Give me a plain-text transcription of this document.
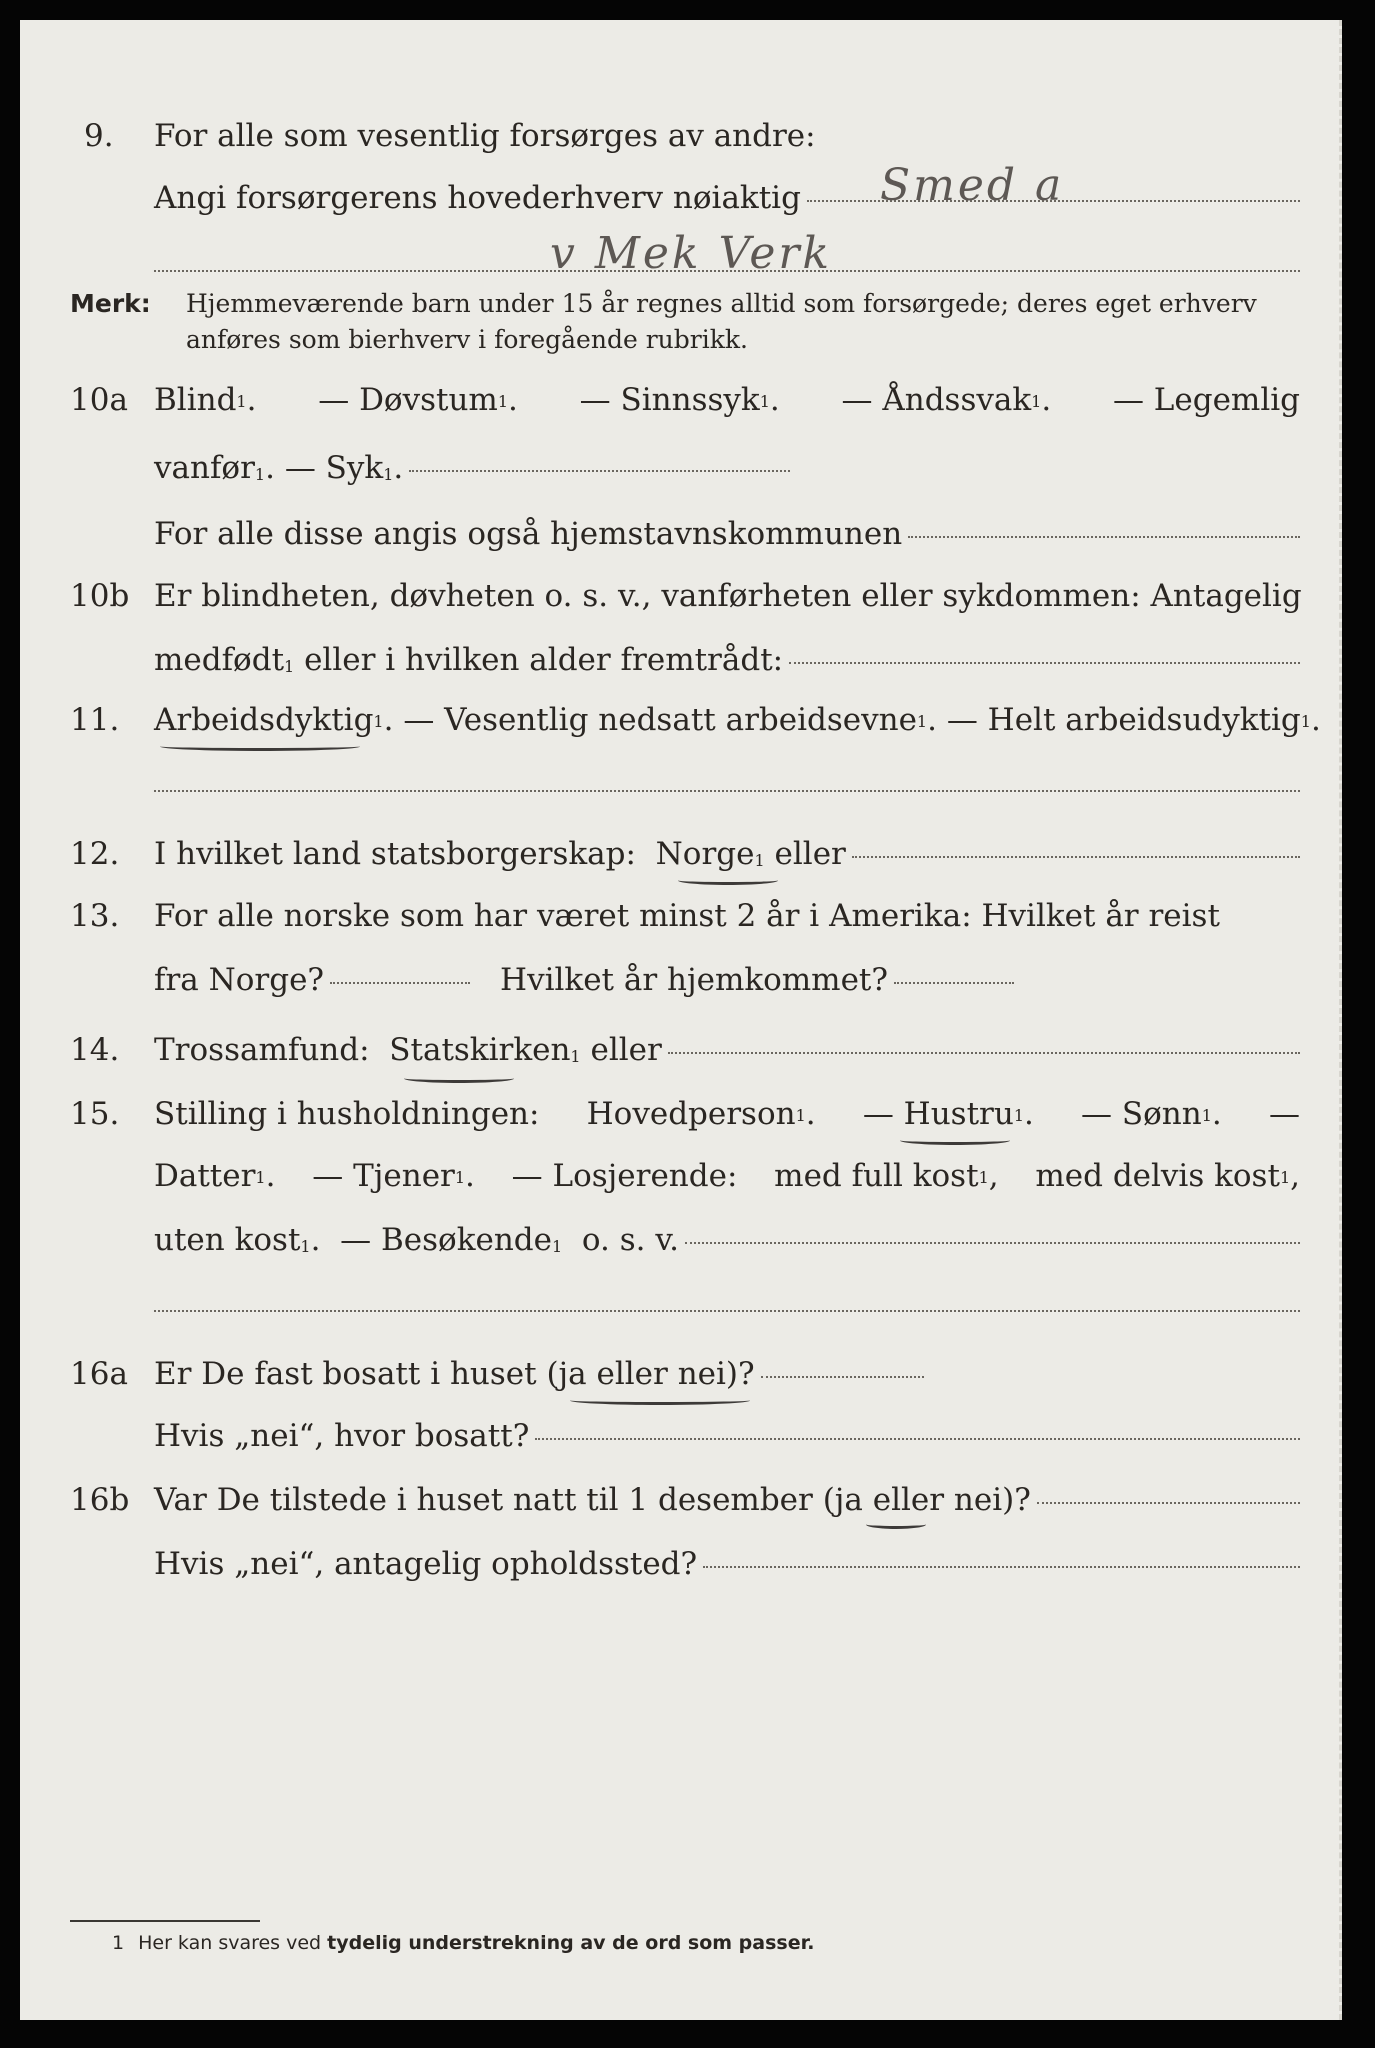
9. For alle som vesentlig forsørges av andre:
Angi forsørgerens hovederhverv nøiaktig Smed a
v Mek Verk
Merk: Hjemmeværende barn under 15 år regnes alltid som forsørgede; deres eget erhverv
anføres som bierhverv i foregående rubrikk.
10a Blind$^1$. — Døvstum$^1$. — Sinnssyk$^1$. — Åndssvak$^1$. — Legemlig
vanfør$^1$ . — Syk$^1$ .
For alle disse angis også hjemstavnskommunen
10b Er blindheten, døvheten o. s. v., vanførheten eller sykdommen: Antagelig
medfødt$^1$
eller i hvilken alder fremtrådt:
11. Arbeidsdyktig$^1$. — Vesentlig nedsatt arbeidsevne$^1$. — Helt arbeidsudyktig$^1$.
12. I hvilket land statsborgerskap:
Norge$^1$
eller
13. For alle norske som har været minst 2 år i Amerika: Hvilket år reist
fra Norge?	Hvilket år hjemkommet?
14. Trossamfund:
Statskirken$^1$
eller
15. Stilling i husholdningen: Hovedperson$^1$. — Hustru$^1$. — Sønn$^1$. —
Datter$^1$. — Tjener$^1$. — Losjerende: med full kost$^1$, med delvis kost$^1$,
uten kost$^1$ . — Besøkende$^1$
o. s. v.
16a Er De fast bosatt i huset (ja eller nei)?
Hvis „nei“, hvor bosatt?
16b Var De tilstede i huset natt til 1 desember (ja eller nei)?
Hvis „nei“, antagelig opholdssted?
1 Her kan svares ved tydelig understrekning av de ord som passer.
